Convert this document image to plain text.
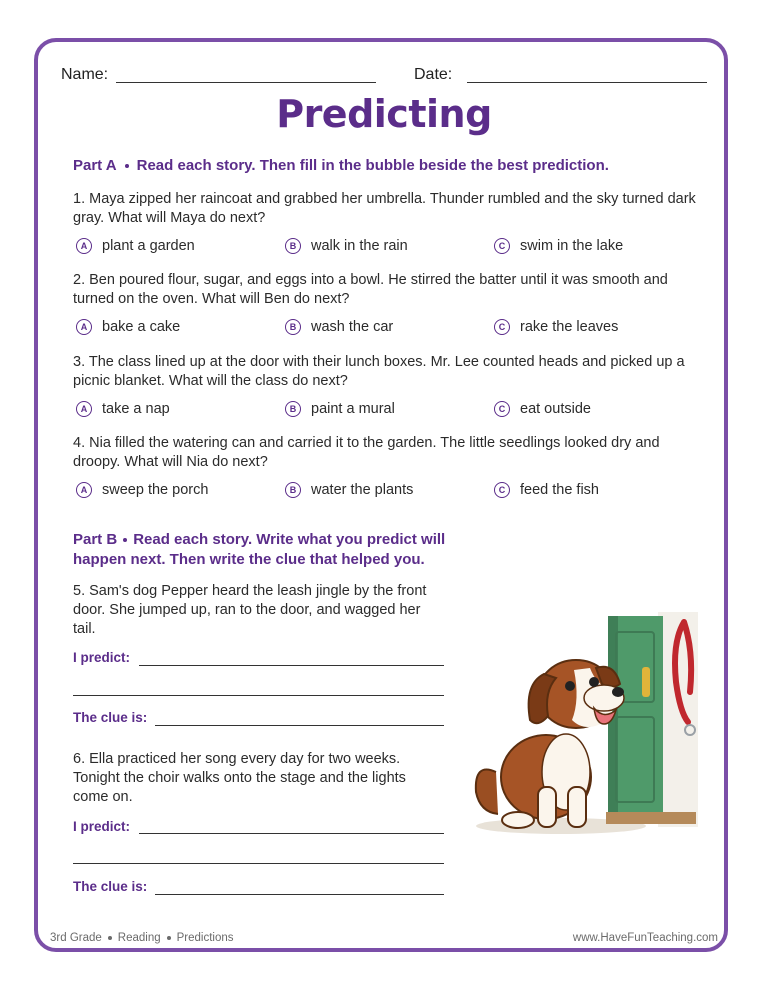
Name:	Date:
Predicting
Part A Read each story. Then fill in the bubble beside the best prediction.
1. Maya zipped her raincoat and grabbed her umbrella. Thunder rumbled and the sky turned dark gray. What will Maya do next?
A	plant a garden	B	walk in the rain	C	swim in the lake
2. Ben poured flour, sugar, and eggs into a bowl. He stirred the batter until it was smooth and turned on the oven. What will Ben do next?
A	bake a cake	B	wash the car	C	rake the leaves
3. The class lined up at the door with their lunch boxes. Mr. Lee counted heads and picked up a picnic blanket. What will the class do next?
A	take a nap	B	paint a mural	C	eat outside
4. Nia filled the watering can and carried it to the garden. The little seedlings looked dry and droopy. What will Nia do next?
A	sweep the porch	B	water the plants	C	feed the fish
Part B Read each story. Write what you predict will
happen next. Then write the clue that helped you.
5. Sam's dog Pepper heard the leash jingle by the front door. She jumped up, ran to the door, and wagged her tail.
I predict:
The clue is:
6. Ella practiced her song every day for two weeks. Tonight the choir walks onto the stage and the lights come on.
I predict:
The clue is:
3rd Grade Reading Predictions	www.HaveFunTeaching.com
